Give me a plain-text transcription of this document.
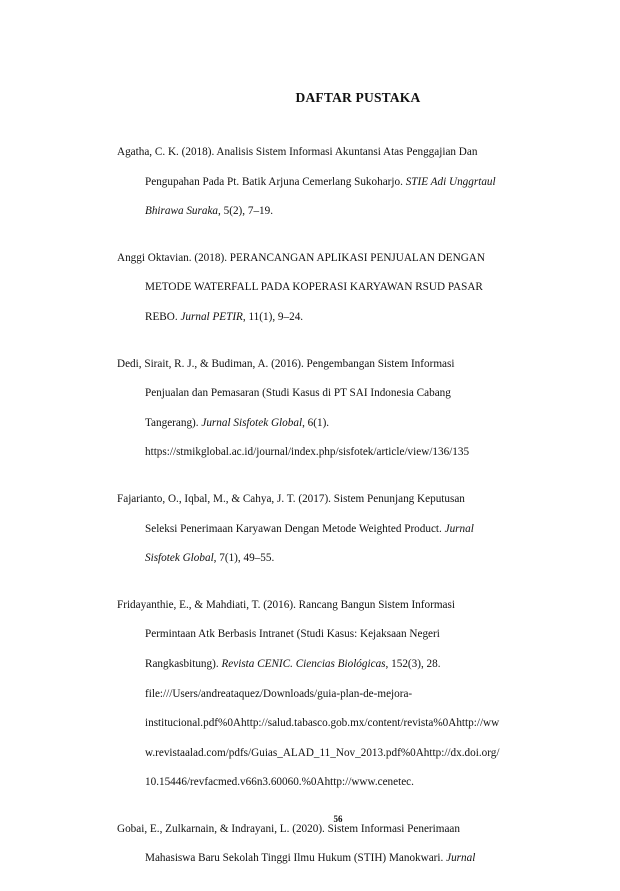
DAFTAR PUSTAKA
Agatha, C. K. (2018). Analisis Sistem Informasi Akuntansi Atas Penggajian Dan
Pengupahan Pada Pt. Batik Arjuna Cemerlang Sukoharjo. STIE Adi Unggrtaul
Bhirawa Suraka, 5(2), 7–19.
Anggi Oktavian. (2018). PERANCANGAN APLIKASI PENJUALAN DENGAN
METODE WATERFALL PADA KOPERASI KARYAWAN RSUD PASAR
REBO. Jurnal PETIR, 11(1), 9–24.
Dedi, Sirait, R. J., & Budiman, A. (2016). Pengembangan Sistem Informasi
Penjualan dan Pemasaran (Studi Kasus di PT SAI Indonesia Cabang
Tangerang). Jurnal Sisfotek Global, 6(1).
https://stmikglobal.ac.id/journal/index.php/sisfotek/article/view/136/135
Fajarianto, O., Iqbal, M., & Cahya, J. T. (2017). Sistem Penunjang Keputusan
Seleksi Penerimaan Karyawan Dengan Metode Weighted Product. Jurnal
Sisfotek Global, 7(1), 49–55.
Fridayanthie, E., & Mahdiati, T. (2016). Rancang Bangun Sistem Informasi
Permintaan Atk Berbasis Intranet (Studi Kasus: Kejaksaan Negeri
Rangkasbitung). Revista CENIC. Ciencias Biológicas, 152(3), 28.
file:///Users/andreataquez/Downloads/guia-plan-de-mejora-
institucional.pdf%0Ahttp://salud.tabasco.gob.mx/content/revista%0Ahttp://ww
w.revistaalad.com/pdfs/Guias_ALAD_11_Nov_2013.pdf%0Ahttp://dx.doi.org/
10.15446/revfacmed.v66n3.60060.%0Ahttp://www.cenetec.
Gobai, E., Zulkarnain, & Indrayani, L. (2020). Sistem Informasi Penerimaan
Mahasiswa Baru Sekolah Tinggi Ilmu Hukum (STIH) Manokwari. Jurnal
56
